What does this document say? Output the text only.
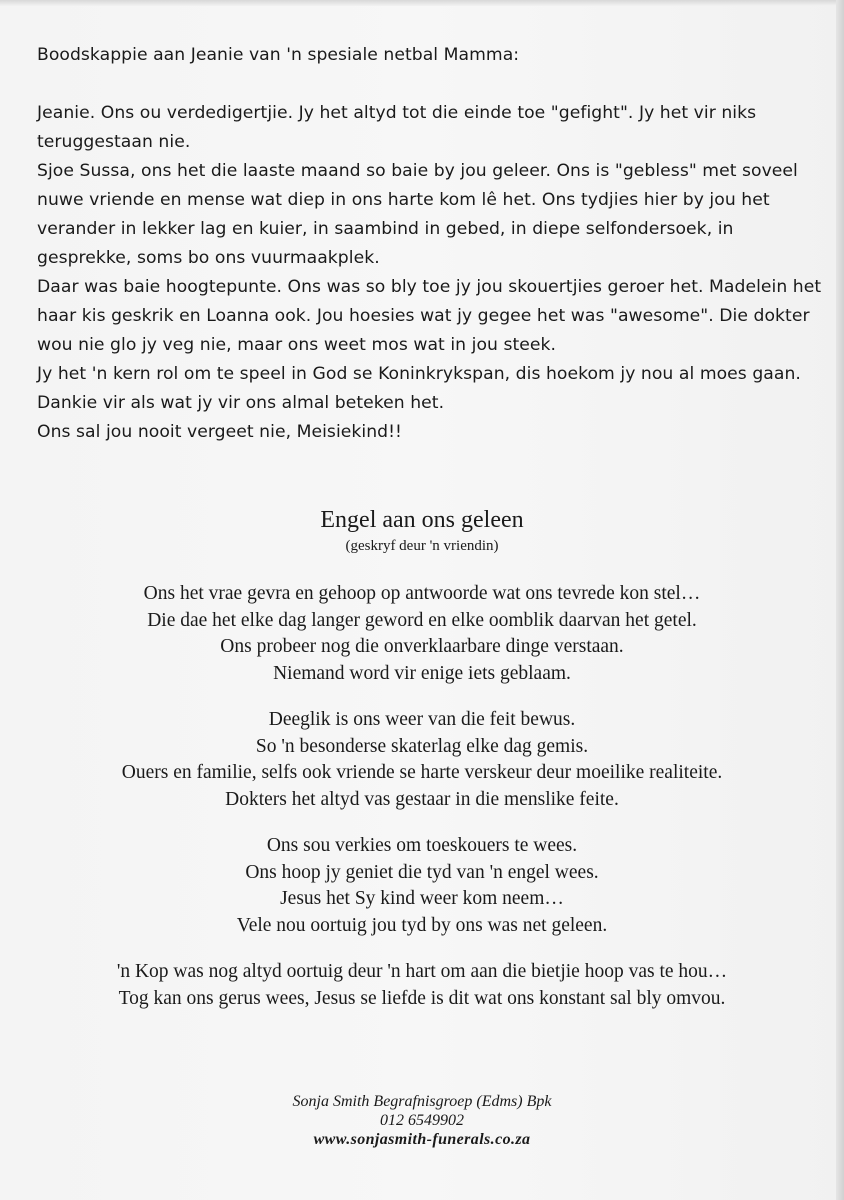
Boodskappie aan Jeanie van 'n spesiale netbal Mamma:

Jeanie. Ons ou verdedigertjie. Jy het altyd tot die einde toe "gefight". Jy het vir niks teruggestaan nie.

Sjoe Sussa, ons het die laaste maand so baie by jou geleer. Ons is "gebless" met soveel nuwe vriende en mense wat diep in ons harte kom lê het. Ons tydjies hier by jou het verander in lekker lag en kuier, in saambind in gebed, in diepe selfondersoek, in gesprekke, soms bo ons vuurmaakplek.

Daar was baie hoogtepunte. Ons was so bly toe jy jou skouertjies geroer het. Madelein het haar kis geskrik en Loanna ook. Jou hoesies wat jy gegee het was "awesome". Die dokter wou nie glo jy veg nie, maar ons weet mos wat in jou steek.

Jy het 'n kern rol om te speel in God se Koninkrykspan, dis hoekom jy nou al moes gaan. Dankie vir als wat jy vir ons almal beteken het.

Ons sal jou nooit vergeet nie, Meisiekind!!

Engel aan ons geleen
(geskryf deur 'n vriendin)
Ons het vrae gevra en gehoop op antwoorde wat ons tevrede kon stel…
Die dae het elke dag langer geword en elke oomblik daarvan het getel.
Ons probeer nog die onverklaarbare dinge verstaan.
Niemand word vir enige iets geblaam.
Deeglik is ons weer van die feit bewus.
So 'n besonderse skaterlag elke dag gemis.
Ouers en familie, selfs ook vriende se harte verskeur deur moeilike realiteite.
Dokters het altyd vas gestaar in die menslike feite.
Ons sou verkies om toeskouers te wees.
Ons hoop jy geniet die tyd van 'n engel wees.
Jesus het Sy kind weer kom neem…
Vele nou oortuig jou tyd by ons was net geleen.
'n Kop was nog altyd oortuig deur 'n hart om aan die bietjie hoop vas te hou…
Tog kan ons gerus wees, Jesus se liefde is dit wat ons konstant sal bly omvou.
Sonja Smith Begrafnisgroep (Edms) Bpk
012 6549902
www.sonjasmith-funerals.co.za
